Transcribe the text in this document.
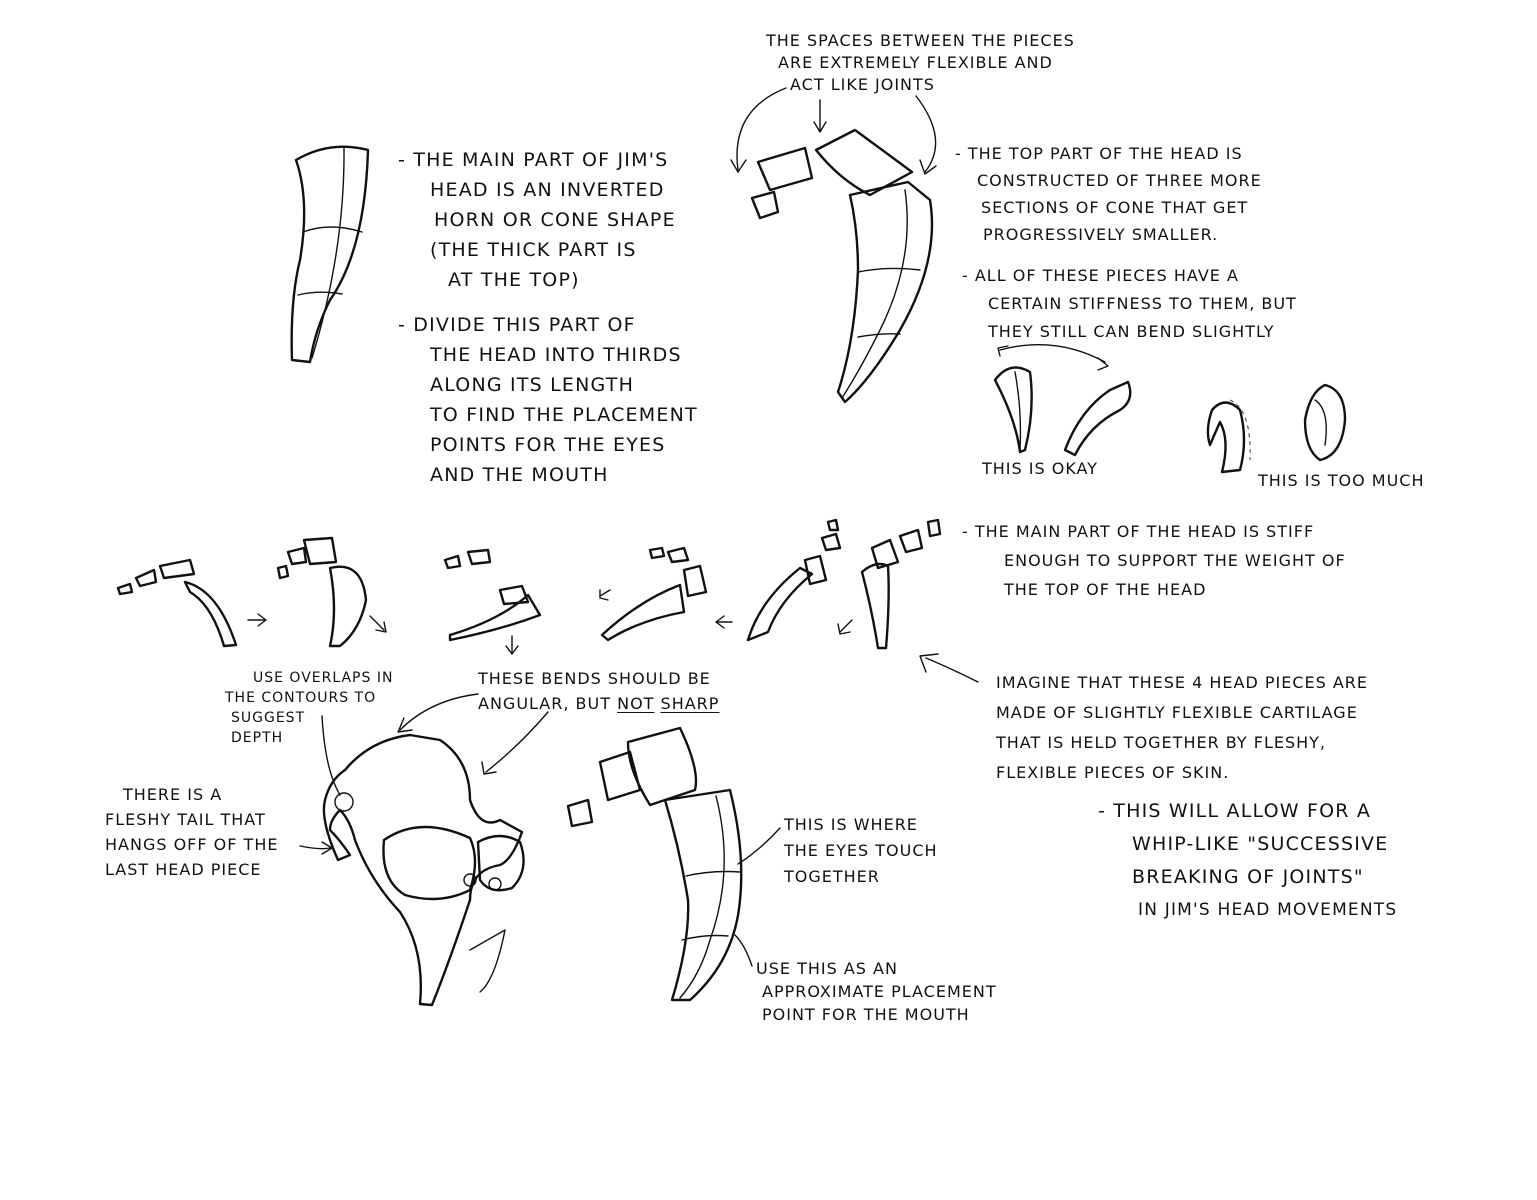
- THE MAIN PART OF JIM'S
HEAD IS AN INVERTED
HORN OR CONE SHAPE
(THE THICK PART IS
AT THE TOP)
- DIVIDE THIS PART OF
THE HEAD INTO THIRDS
ALONG ITS LENGTH
TO FIND THE PLACEMENT
POINTS FOR THE EYES
AND THE MOUTH
THE SPACES BETWEEN THE PIECES
ARE EXTREMELY FLEXIBLE AND
ACT LIKE JOINTS
- THE TOP PART OF THE HEAD IS
CONSTRUCTED OF THREE MORE
SECTIONS OF CONE THAT GET
PROGRESSIVELY SMALLER.
- ALL OF THESE PIECES HAVE A
CERTAIN STIFFNESS TO THEM, BUT
THEY STILL CAN BEND SLIGHTLY
THIS IS OKAY
THIS IS TOO MUCH
- THE MAIN PART OF THE HEAD IS STIFF
ENOUGH TO SUPPORT THE WEIGHT OF
THE TOP OF THE HEAD
IMAGINE THAT THESE 4 HEAD PIECES ARE
MADE OF SLIGHTLY FLEXIBLE CARTILAGE
THAT IS HELD TOGETHER BY FLESHY,
FLEXIBLE PIECES OF SKIN.
- THIS WILL ALLOW FOR A
WHIP-LIKE "SUCCESSIVE
BREAKING OF JOINTS"
IN JIM'S HEAD MOVEMENTS
USE OVERLAPS IN
THE CONTOURS TO
SUGGEST
DEPTH
THESE BENDS SHOULD BE
ANGULAR, BUT NOT SHARP
THERE IS A
FLESHY TAIL THAT
HANGS OFF OF THE
LAST HEAD PIECE
THIS IS WHERE
THE EYES TOUCH
TOGETHER
USE THIS AS AN
APPROXIMATE PLACEMENT
POINT FOR THE MOUTH
